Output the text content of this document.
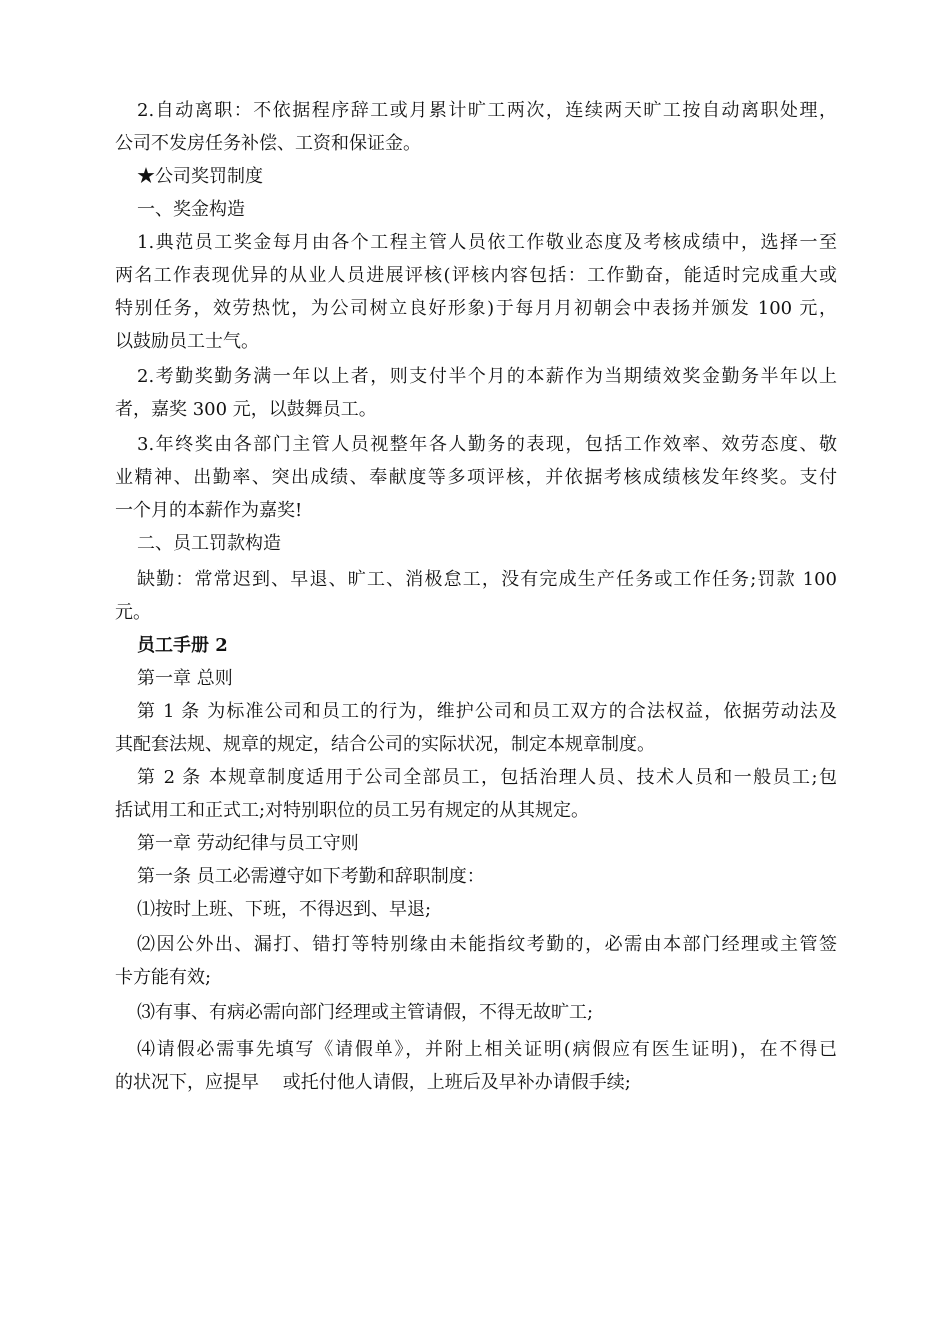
2.自动离职：不依据程序辞工或月累计旷工两次，连续两天旷工按自动离职处理，
公司不发房任务补偿、工资和保证金。
★公司奖罚制度
一、奖金构造
1.典范员工奖金每月由各个工程主管人员依工作敬业态度及考核成绩中，选择一至
两名工作表现优异的从业人员进展评核(评核内容包括：工作勤奋，能适时完成重大或
特别任务，效劳热忱，为公司树立良好形象)于每月月初朝会中表扬并颁发 100 元，
以鼓励员工士气。
2.考勤奖勤务满一年以上者，则支付半个月的本薪作为当期绩效奖金勤务半年以上
者，嘉奖 300 元，以鼓舞员工。
3.年终奖由各部门主管人员视整年各人勤务的表现，包括工作效率、效劳态度、敬
业精神、出勤率、突出成绩、奉献度等多项评核，并依据考核成绩核发年终奖。支付
一个月的本薪作为嘉奖!
二、员工罚款构造
缺勤：常常迟到、早退、旷工、消极怠工，没有完成生产任务或工作任务;罚款 100
元。
员工手册 2
第一章 总则
第 1 条 为标准公司和员工的行为，维护公司和员工双方的合法权益，依据劳动法及
其配套法规、规章的规定，结合公司的实际状况，制定本规章制度。
第 2 条 本规章制度适用于公司全部员工，包括治理人员、技术人员和一般员工;包
括试用工和正式工;对特别职位的员工另有规定的从其规定。
第一章 劳动纪律与员工守则
第一条 员工必需遵守如下考勤和辞职制度：
⑴按时上班、下班，不得迟到、早退;
⑵因公外出、漏打、错打等特别缘由未能指纹考勤的，必需由本部门经理或主管签
卡方能有效;
⑶有事、有病必需向部门经理或主管请假，不得无故旷工;
⑷请假必需事先填写《请假单》，并附上相关证明(病假应有医生证明)，在不得已
的状况下，应提早　 或托付他人请假，上班后及早补办请假手续;
